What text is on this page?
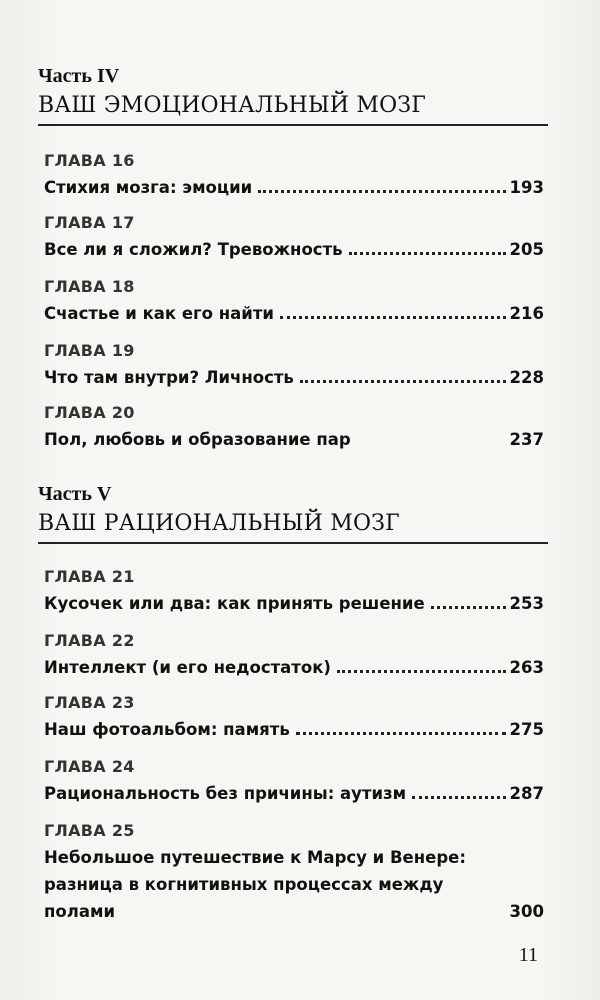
Часть IV
ВАШ ЭМОЦИОНАЛЬНЫЙ МОЗГ
ГЛАВА 16
Стихия мозга: эмоции	193
ГЛАВА 17
Все ли я сложил? Тревожность	205
ГЛАВА 18
Счастье и как его найти	216
ГЛАВА 19
Что там внутри? Личность	228
ГЛАВА 20
Пол, любовь и образование пар	237
Часть V
ВАШ РАЦИОНАЛЬНЫЙ МОЗГ
ГЛАВА 21
Кусочек или два: как принять решение	253
ГЛАВА 22
Интеллект (и его недостаток)	263
ГЛАВА 23
Наш фотоальбом: память	275
ГЛАВА 24
Рациональность без причины: аутизм	287
ГЛАВА 25
Небольшое путешествие к Марсу и Венере:
разница в когнитивных процессах между
полами	300
11
